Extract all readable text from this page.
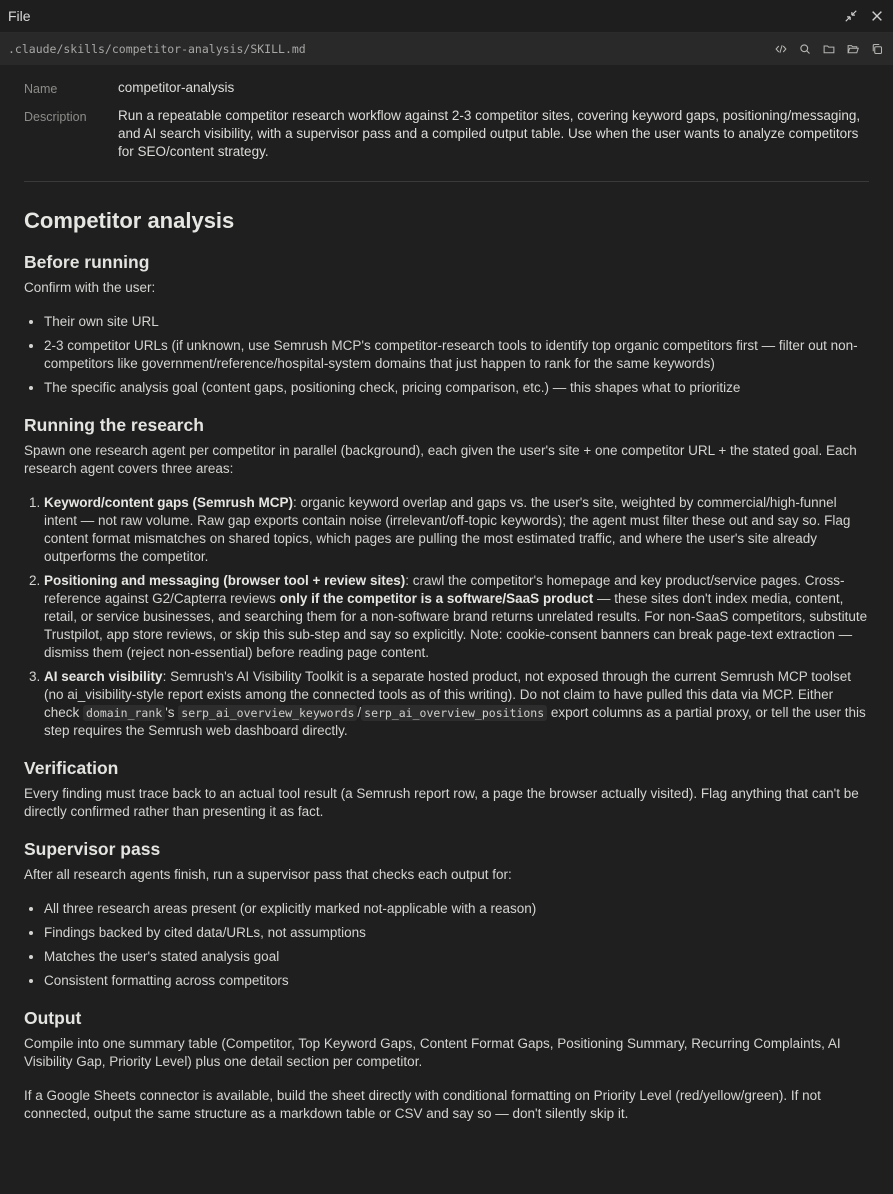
File
.claude/skills/competitor-analysis/SKILL.md
Name	competitor-analysis
Description	Run a repeatable competitor research workflow against 2-3 competitor sites, covering keyword gaps, positioning/messaging, and AI search visibility, with a supervisor pass and a compiled output table. Use when the user wants to analyze competitors for SEO/content strategy.
Competitor analysis
Before running

Confirm with the user:

• Their own site URL
• 2-3 competitor URLs (if unknown, use Semrush MCP's competitor-research tools to identify top organic competitors first — filter out non-competitors like government/reference/hospital-system domains that just happen to rank for the same keywords)
• The specific analysis goal (content gaps, positioning check, pricing comparison, etc.) — this shapes what to prioritize
Running the research

Spawn one research agent per competitor in parallel (background), each given the user's site + one competitor URL + the stated goal. Each research agent covers three areas:

1. Keyword/content gaps (Semrush MCP): organic keyword overlap and gaps vs. the user's site, weighted by commercial/high-funnel intent — not raw volume. Raw gap exports contain noise (irrelevant/off-topic keywords); the agent must filter these out and say so. Flag content format mismatches on shared topics, which pages are pulling the most estimated traffic, and where the user's site already outperforms the competitor.
2. Positioning and messaging (browser tool + review sites): crawl the competitor's homepage and key product/service pages. Cross-reference against G2/Capterra reviews only if the competitor is a software/SaaS product — these sites don't index media, content, retail, or service businesses, and searching them for a non-software brand returns unrelated results. For non-SaaS competitors, substitute Trustpilot, app store reviews, or skip this sub-step and say so explicitly. Note: cookie-consent banners can break page-text extraction — dismiss them (reject non-essential) before reading page content.
3. AI search visibility: Semrush's AI Visibility Toolkit is a separate hosted product, not exposed through the current Semrush MCP toolset (no ai_visibility-style report exists among the connected tools as of this writing). Do not claim to have pulled this data via MCP. Either check domain_rank 's serp_ai_overview_keywords / serp_ai_overview_positions export columns as a partial proxy, or tell the user this step requires the Semrush web dashboard directly.
Verification

Every finding must trace back to an actual tool result (a Semrush report row, a page the browser actually visited). Flag anything that can't be directly confirmed rather than presenting it as fact.

Supervisor pass

After all research agents finish, run a supervisor pass that checks each output for:

• All three research areas present (or explicitly marked not-applicable with a reason)
• Findings backed by cited data/URLs, not assumptions
• Matches the user's stated analysis goal
• Consistent formatting across competitors
Output

Compile into one summary table (Competitor, Top Keyword Gaps, Content Format Gaps, Positioning Summary, Recurring Complaints, AI Visibility Gap, Priority Level) plus one detail section per competitor.

If a Google Sheets connector is available, build the sheet directly with conditional formatting on Priority Level (red/yellow/green). If not connected, output the same structure as a markdown table or CSV and say so — don't silently skip it.
